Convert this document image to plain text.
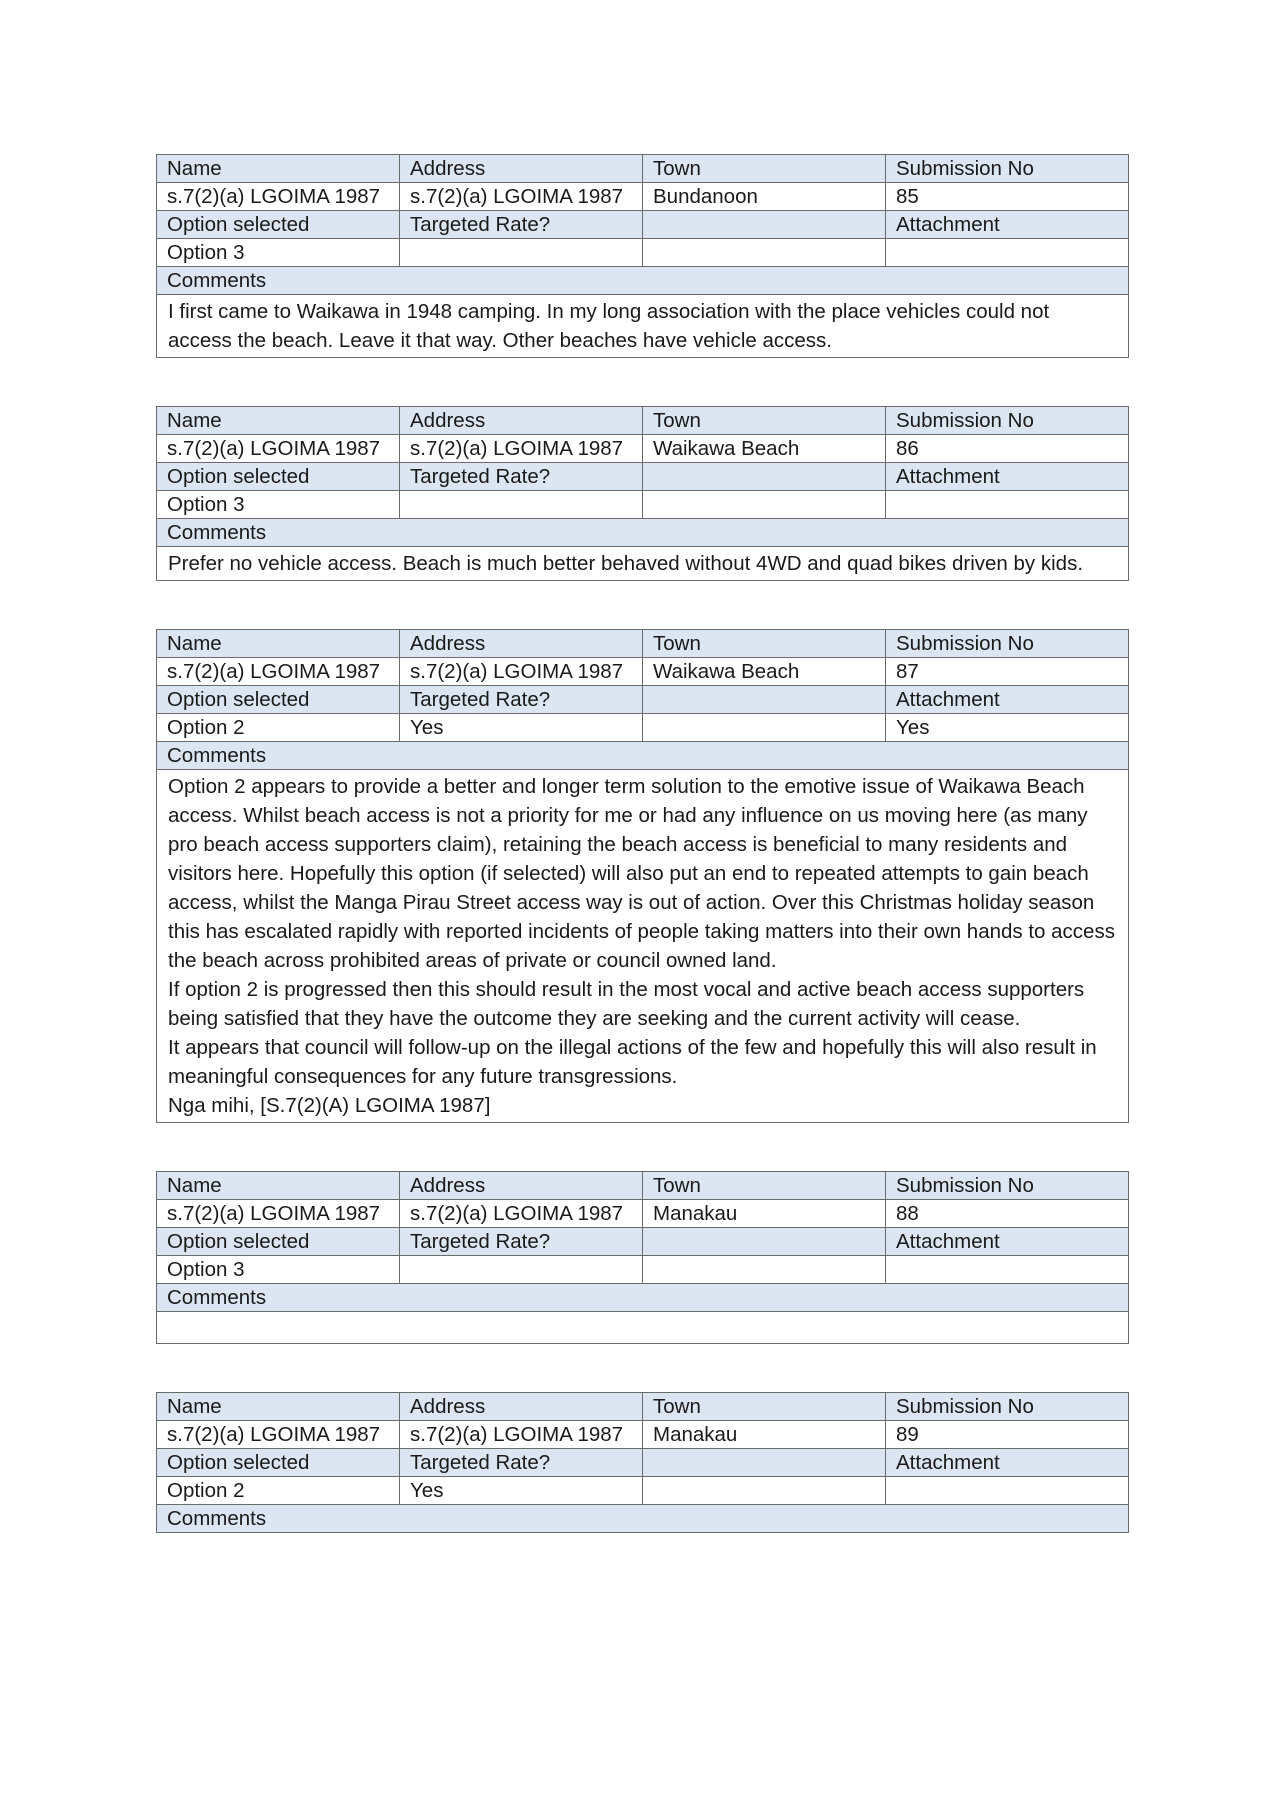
Name	Address	Town	Submission No
s.7(2)(a) LGOIMA 1987	s.7(2)(a) LGOIMA 1987	Bundanoon	85
Option selected	Targeted Rate?		Attachment
Option 3			
Comments			

I first came to Waikawa in 1948 camping. In my long association with the place vehicles could not access the beach. Leave it that way. Other beaches have vehicle access.			
Name	Address	Town	Submission No
s.7(2)(a) LGOIMA 1987	s.7(2)(a) LGOIMA 1987	Waikawa Beach	86
Option selected	Targeted Rate?		Attachment
Option 3			
Comments			

Prefer no vehicle access. Beach is much better behaved without 4WD and quad bikes driven by kids.			
Name	Address	Town	Submission No
s.7(2)(a) LGOIMA 1987	s.7(2)(a) LGOIMA 1987	Waikawa Beach	87
Option selected	Targeted Rate?		Attachment
Option 2	Yes		Yes
Comments			

Option 2 appears to provide a better and longer term solution to the emotive issue of Waikawa Beach access. Whilst beach access is not a priority for me or had any influence on us moving here (as many pro beach access supporters claim), retaining the beach access is beneficial to many residents and visitors here. Hopefully this option (if selected) will also put an end to repeated attempts to gain beach access, whilst the Manga Pirau Street access way is out of action. Over this Christmas holiday season this has escalated rapidly with reported incidents of people taking matters into their own hands to access the beach across prohibited areas of private or council owned land.
If option 2 is progressed then this should result in the most vocal and active beach access supporters being satisfied that they have the outcome they are seeking and the current activity will cease.
It appears that council will follow-up on the illegal actions of the few and hopefully this will also result in meaningful consequences for any future transgressions.
Nga mihi, [S.7(2)(A) LGOIMA 1987]			
Name	Address	Town	Submission No
s.7(2)(a) LGOIMA 1987	s.7(2)(a) LGOIMA 1987	Manakau	88
Option selected	Targeted Rate?		Attachment
Option 3			
Comments			

Name	Address	Town	Submission No
s.7(2)(a) LGOIMA 1987	s.7(2)(a) LGOIMA 1987	Manakau	89
Option selected	Targeted Rate?		Attachment
Option 2	Yes		
Comments			
